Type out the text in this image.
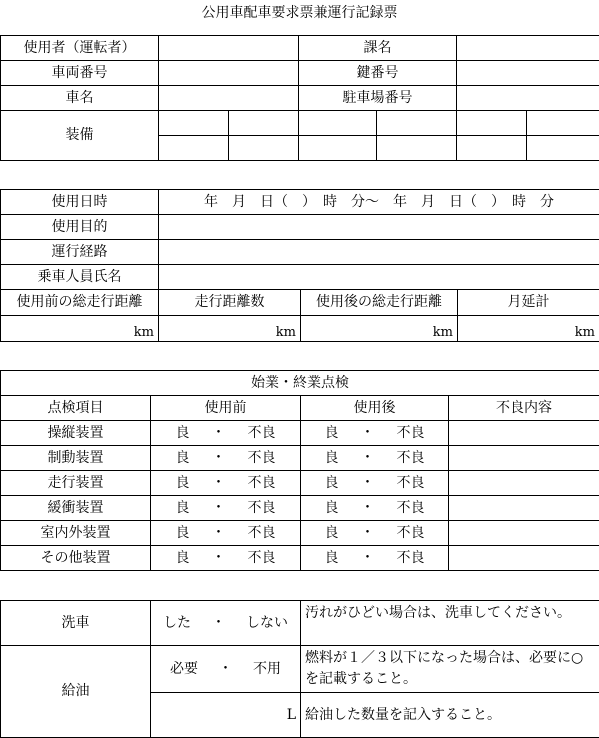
公用車配車要求票兼運行記録票
使用者（運転者）			課名			
車両番号			鍵番号			
車名			駐車場番号			
装備						

使用日時	年　月　日（　）　時　分〜　年　月　日（　）　時　分		
使用目的			
運行経路			
乗車人員氏名			
使用前の総走行距離	走行距離数	使用後の総走行距離	月延計
km	km	km	km
始業・終業点検			
点検項目	使用前	使用後	不良内容
操縦装置	良 ・ 不良	良 ・ 不良	
制動装置	良 ・ 不良	良 ・ 不良	
走行装置	良 ・ 不良	良 ・ 不良	
緩衝装置	良 ・ 不良	良 ・ 不良	
室内外装置	良 ・ 不良	良 ・ 不良	
その他装置	良 ・ 不良	良 ・ 不良	
洗車	した ・ しない	汚れがひどい場合は、洗車してください。
給油	必要 ・ 不用	燃料が１／３以下になった場合は、必要に○を記載すること。
	L	給油した数量を記入すること。
